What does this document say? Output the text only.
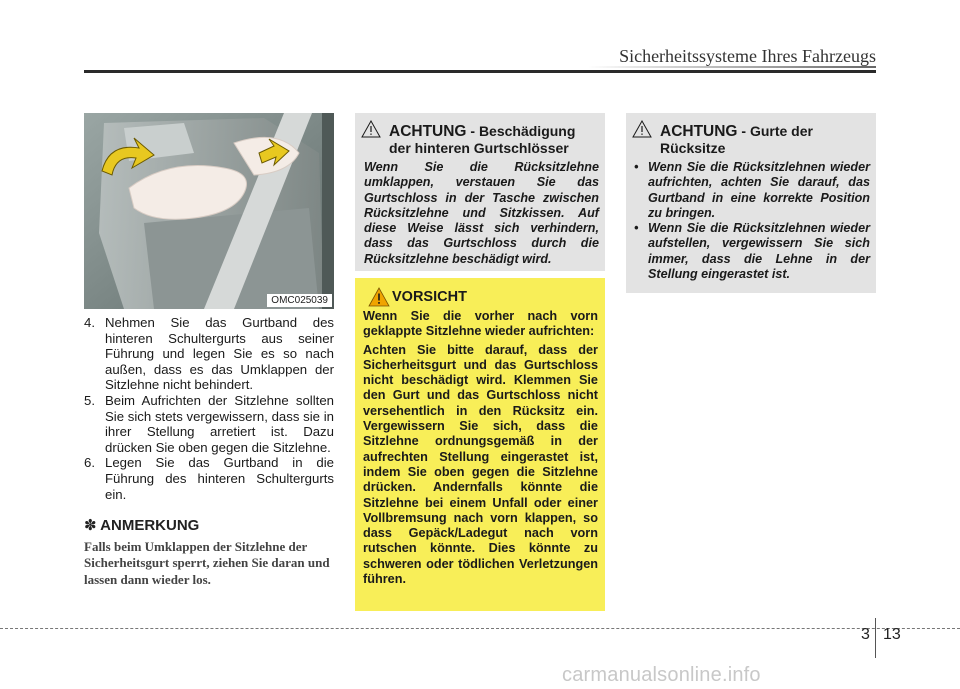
Sicherheitssysteme Ihres Fahrzeugs
OMC025039
4. Nehmen Sie das Gurtband des hinteren Schultergurts aus seiner Führung und legen Sie es so nach außen, dass es das Umklappen der Sitzlehne nicht behindert.
5. Beim Aufrichten der Sitzlehne sollten Sie sich stets vergewissern, dass sie in ihrer Stellung arretiert ist. Dazu drücken Sie oben gegen die Sitzlehne.
6. Legen Sie das Gurtband in die Führung des hinteren Schultergurts ein.
✽ ANMERKUNG
Falls beim Umklappen der Sitzlehne der Sicherheitsgurt sperrt, ziehen Sie daran und lassen dann wieder los.
ACHTUNG - Beschädigung der hinteren Gurtschlösser
Wenn Sie die Rücksitzlehne umklappen, verstauen Sie das Gurtschloss in der Tasche zwischen Rücksitzlehne und Sitzkissen. Auf diese Weise lässt sich verhindern, dass das Gurtschloss durch die Rücksitzlehne beschädigt wird.
ACHTUNG - Gurte der Rücksitze
• Wenn Sie die Rücksitzlehnen wieder aufrichten, achten Sie darauf, das Gurtband in eine korrekte Position zu bringen.
• Wenn Sie die Rücksitzlehnen wieder aufstellen, vergewissern Sie sich immer, dass die Lehne in der Stellung eingerastet ist.
VORSICHT

Wenn Sie die vorher nach vorn geklappte Sitzlehne wieder aufrichten:

Achten Sie bitte darauf, dass der Sicherheitsgurt und das Gurtschloss nicht beschädigt wird. Klemmen Sie den Gurt und das Gurtschloss nicht versehentlich in den Rücksitz ein. Vergewissern Sie sich, dass die Sitzlehne ordnungsgemäß in der aufrechten Stellung eingerastet ist, indem Sie oben gegen die Sitzlehne drücken. Andernfalls könnte die Sitzlehne bei einem Unfall oder einer Vollbremsung nach vorn klappen, so dass Gepäck/Ladegut nach vorn rutschen könnte. Dies könnte zu schweren oder tödlichen Verletzungen führen.

3 13
carmanualsonline.info
